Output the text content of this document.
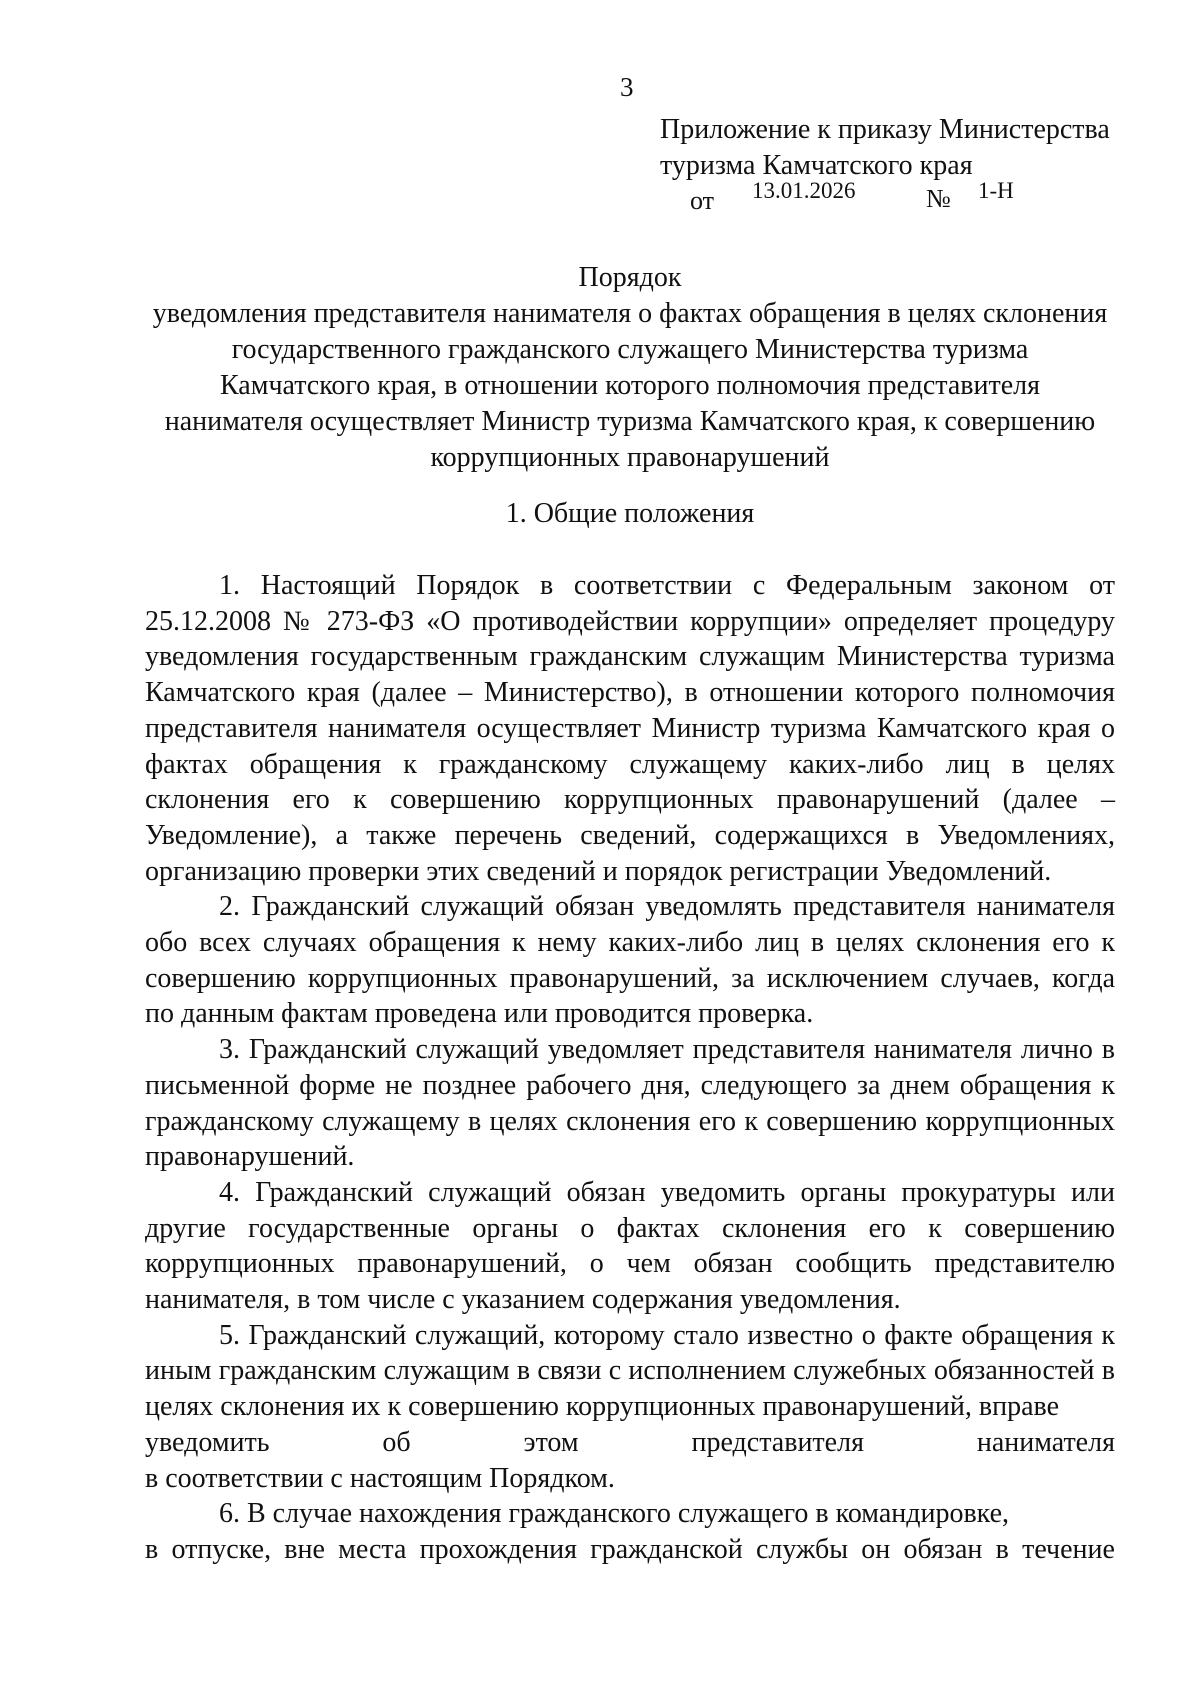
3
Приложение к приказу Министерства
туризма Камчатского края
от 13.01.2026	№ 1-Н
Порядок
уведомления представителя нанимателя о фактах обращения в целях склонения
государственного гражданского служащего Министерства туризма
Камчатского края, в отношении которого полномочия представителя
нанимателя осуществляет Министр туризма Камчатского края, к совершению
коррупционных правонарушений
1. Общие положения

1. Настоящий Порядок в соответствии с Федеральным законом от 25.12.2008 № 273-ФЗ «О противодействии коррупции» определяет процедуру уведомления государственным гражданским служащим Министерства туризма Камчатского края (далее – Министерство), в отношении которого полномочия представителя нанимателя осуществляет Министр туризма Камчатского края о фактах обращения к гражданскому служащему каких-либо лиц в целях склонения его к совершению коррупционных правонарушений (далее – Уведомление), а также перечень сведений, содержащихся в Уведомлениях, организацию проверки этих сведений и порядок регистрации Уведомлений.

2. Гражданский служащий обязан уведомлять представителя нанимателя обо всех случаях обращения к нему каких-либо лиц в целях склонения его к совершению коррупционных правонарушений, за исключением случаев, когда по данным фактам проведена или проводится проверка.

3. Гражданский служащий уведомляет представителя нанимателя лично в письменной форме не позднее рабочего дня, следующего за днем обращения к гражданскому служащему в целях склонения его к совершению коррупционных правонарушений.

4. Гражданский служащий обязан уведомить органы прокуратуры или другие государственные органы о фактах склонения его к совершению коррупционных правонарушений, о чем обязан сообщить представителю нанимателя, в том числе с указанием содержания уведомления.

5. Гражданский служащий, которому стало известно о факте обращения к иным гражданским служащим в связи с исполнением служебных обязанностей в целях склонения их к совершению коррупционных правонарушений, вправе

уведомить	об	этом	представителя	нанимателя
в соответствии с настоящим Порядком.

6. В случае нахождения гражданского служащего в командировке,

в отпуске, вне места прохождения гражданской службы он обязан в течение
